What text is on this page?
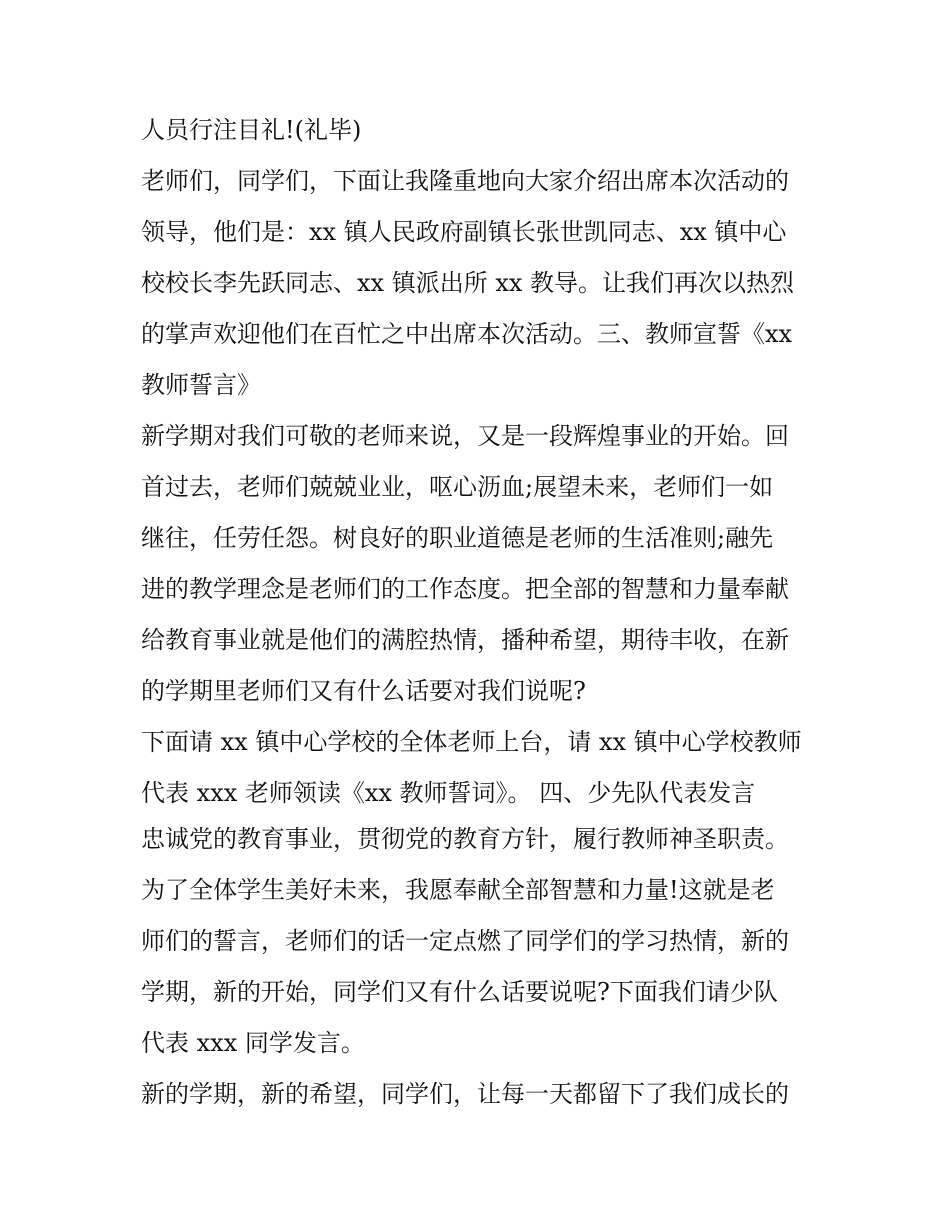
人员行注目礼!(礼毕)
老师们，同学们，下面让我隆重地向大家介绍出席本次活动的
领导，他们是：xx 镇人民政府副镇长张世凯同志、xx 镇中心
校校长李先跃同志、xx 镇派出所 xx 教导。让我们再次以热烈
的掌声欢迎他们在百忙之中出席本次活动。三、教师宣誓《xx
教师誓言》
新学期对我们可敬的老师来说，又是一段辉煌事业的开始。回
首过去，老师们兢兢业业，呕心沥血;展望未来，老师们一如
继往，任劳任怨。树良好的职业道德是老师的生活准则;融先
进的教学理念是老师们的工作态度。把全部的智慧和力量奉献
给教育事业就是他们的满腔热情，播种希望，期待丰收，在新
的学期里老师们又有什么话要对我们说呢?
下面请 xx 镇中心学校的全体老师上台，请 xx 镇中心学校教师
代表 xxx 老师领读《xx 教师誓词》。 四、少先队代表发言
忠诚党的教育事业，贯彻党的教育方针，履行教师神圣职责。
为了全体学生美好未来，我愿奉献全部智慧和力量!这就是老
师们的誓言，老师们的话一定点燃了同学们的学习热情，新的
学期，新的开始，同学们又有什么话要说呢?下面我们请少队
代表 xxx 同学发言。
新的学期，新的希望，同学们，让每一天都留下了我们成长的
